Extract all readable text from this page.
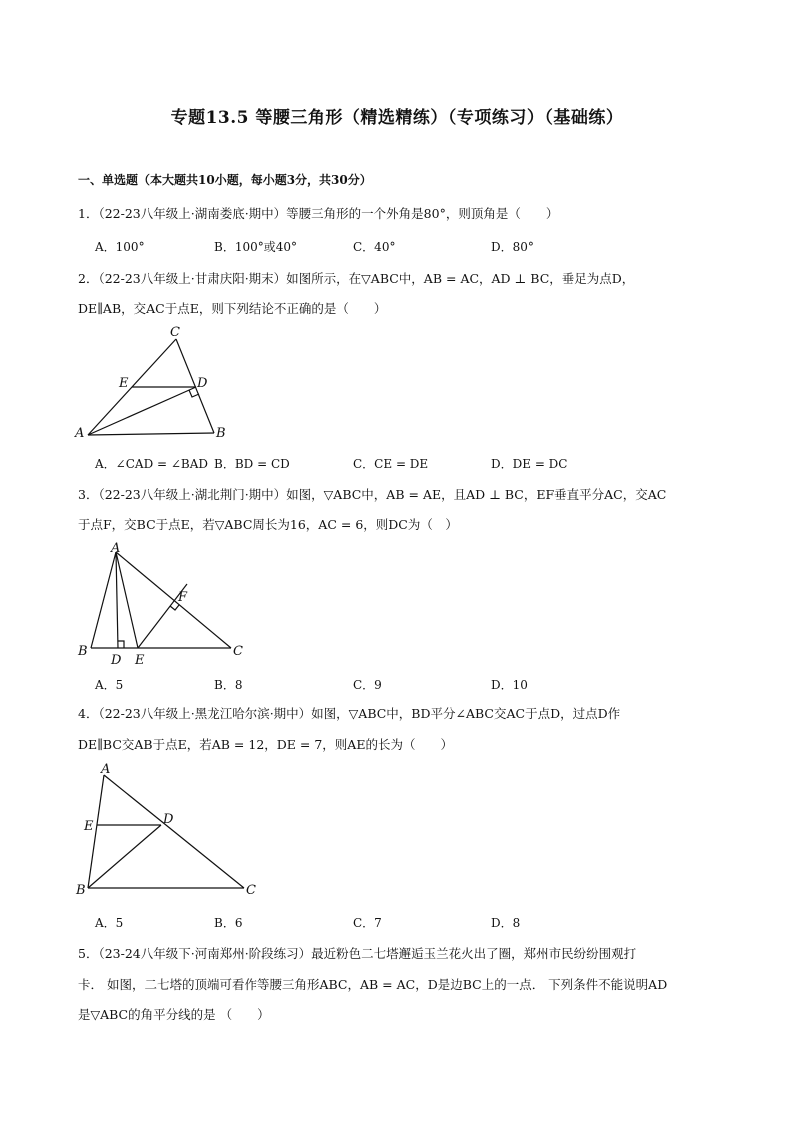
专题13.5 等腰三角形（精选精练）（专项练习）（基础练）
一、单选题（本大题共10小题，每小题3分，共30分）
1．（22-23八年级上·湖南娄底·期中）等腰三角形的一个外角是80°，则顶角是（　　）
A．100°	B．100°或40°	C．40°	D．80°
2．（22-23八年级上·甘肃庆阳·期末）如图所示，在▽ABC中，AB = AC，AD ⊥ BC，垂足为点D，
DE∥AB，交AC于点E，则下列结论不正确的是（　　）
C
E	D
A	B
A．∠CAD = ∠BAD B．BD = CD	C．CE = DE	D．DE = DC
3．（22-23八年级上·湖北荆门·期中）如图，▽ABC中，AB = AE，且AD ⊥ BC，EF垂直平分AC，交AC
于点F，交BC于点E，若▽ABC周长为16，AC = 6，则DC为（　）
A
F
B
D E
C
A．5	B．8	C．9	D．10
4．（22-23八年级上·黑龙江哈尔滨·期中）如图，▽ABC中，BD平分∠ABC交AC于点D，过点D作
DE∥BC交AB于点E，若AB = 12，DE = 7，则AE的长为（　　）
A
E	D
B	C
A．5	B．6	C．7	D．8
5．（23-24八年级下·河南郑州·阶段练习）最近粉色二七塔邂逅玉兰花火出了圈，郑州市民纷纷围观打
卡． 如图，二七塔的顶端可看作等腰三角形ABC，AB = AC，D是边BC上的一点． 下列条件不能说明AD
是▽ABC的角平分线的是 （　　）
